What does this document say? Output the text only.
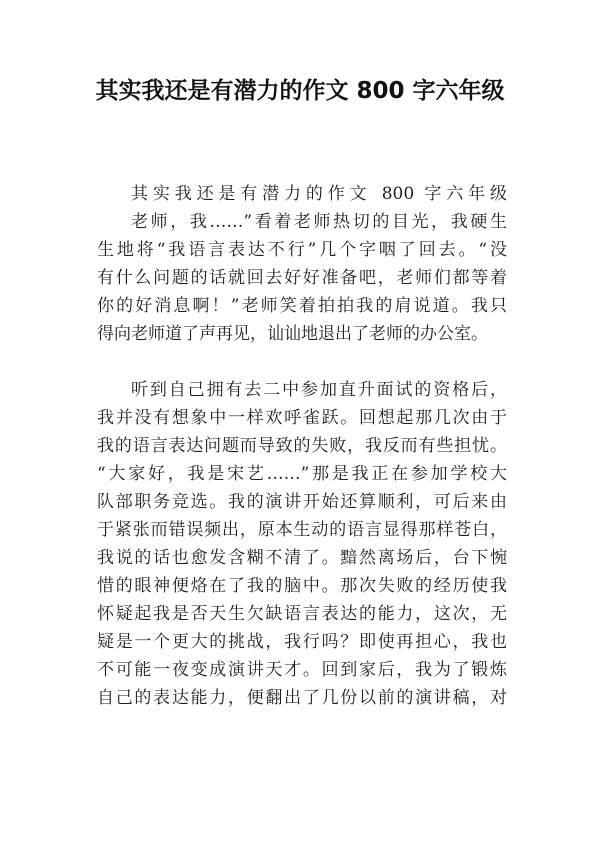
其实我还是有潜力的作文 800 字六年级
其实我还是有潜力的作文 800 字六年级
老师，我……”看着老师热切的目光，我硬生
生地将“我语言表达不行”几个字咽了回去。“没
有什么问题的话就回去好好准备吧，老师们都等着
你的好消息啊！”老师笑着拍拍我的肩说道。我只
得向老师道了声再见，讪讪地退出了老师的办公室。
听到自己拥有去二中参加直升面试的资格后，
我并没有想象中一样欢呼雀跃。回想起那几次由于
我的语言表达问题而导致的失败，我反而有些担忧。
“大家好，我是宋艺……”那是我正在参加学校大
队部职务竞选。我的演讲开始还算顺利，可后来由
于紧张而错误频出，原本生动的语言显得那样苍白，
我说的话也愈发含糊不清了。黯然离场后，台下惋
惜的眼神便烙在了我的脑中。那次失败的经历使我
怀疑起我是否天生欠缺语言表达的能力，这次，无
疑是一个更大的挑战，我行吗？即使再担心，我也
不可能一夜变成演讲天才。回到家后，我为了锻炼
自己的表达能力，便翻出了几份以前的演讲稿，对
